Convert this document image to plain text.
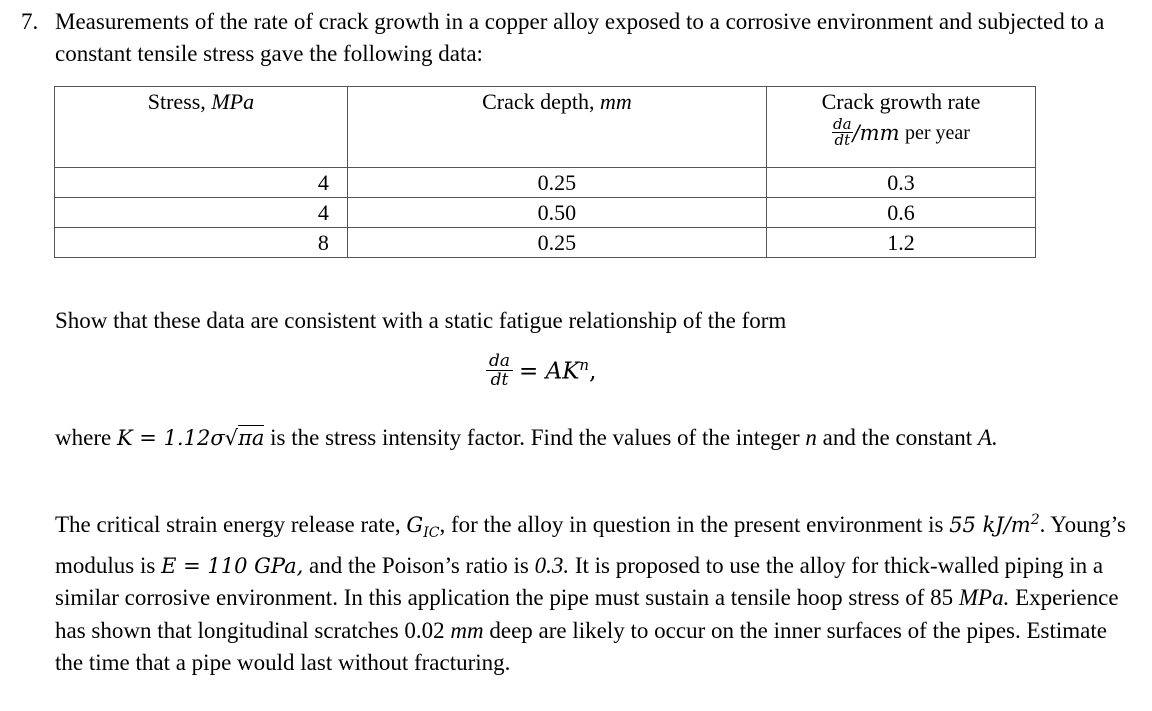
7. Measurements of the rate of crack growth in a copper alloy exposed to a corrosive environment and subjected to a constant tensile stress gave the following data:
Stress, MPa	Crack depth, mm	Crack growth rate
$\frac{da}{dt} /mm$ per year

4	0.25	0.3
4	0.50	0.6
8	0.25	1.2
Show that these data are consistent with a static fatigue relationship of the form
$\frac{da}{dt} = AK^n$,
where K = 1.12σ√πa is the stress intensity factor. Find the values of the integer n and the constant A.
The critical strain energy release rate, $G_{IC}$, for the alloy in question in the present environment is 55 $kJ/m^2$. Young’s modulus is E = 110 GPa, and the Poison’s ratio is 0.3. It is proposed to use the alloy for thick-walled piping in a similar corrosive environment. In this application the pipe must sustain a tensile hoop stress of 85 MPa. Experience has shown that longitudinal scratches 0.02 mm deep are likely to occur on the inner surfaces of the pipes. Estimate the time that a pipe would last without fracturing.
